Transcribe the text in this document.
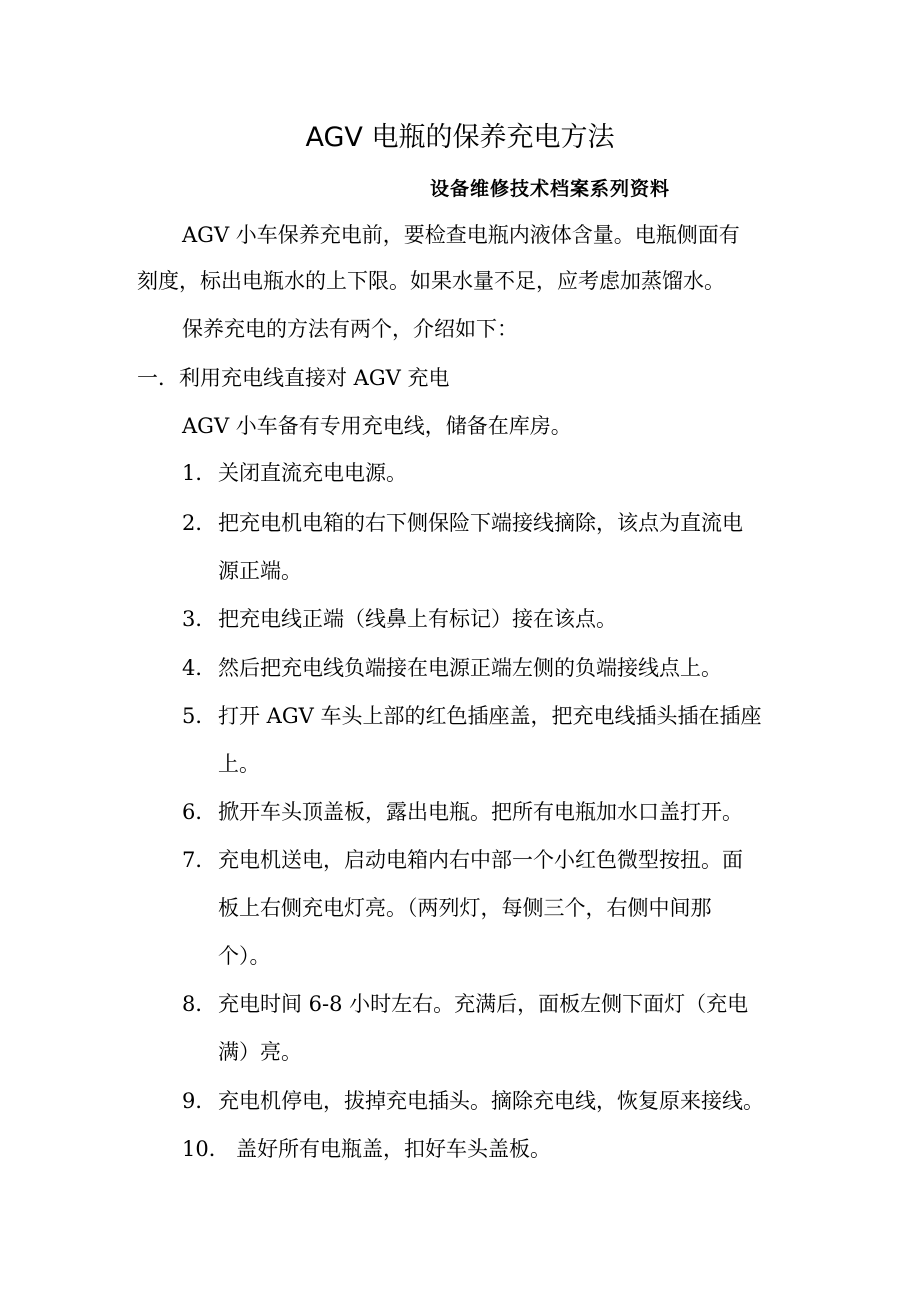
AGV 电瓶的保养充电方法
设备维修技术档案系列资料
AGV 小车保养充电前，要检查电瓶内液体含量。电瓶侧面有
刻度，标出电瓶水的上下限。如果水量不足，应考虑加蒸馏水。
保养充电的方法有两个，介绍如下：
一．利用充电线直接对 AGV 充电
AGV 小车备有专用充电线，储备在库房。
1．关闭直流充电电源。
2．把充电机电箱的右下侧保险下端接线摘除，该点为直流电
源正端。
3．把充电线正端（线鼻上有标记）接在该点。
4．然后把充电线负端接在电源正端左侧的负端接线点上。
5．打开 AGV 车头上部的红色插座盖，把充电线插头插在插座
上。
6．掀开车头顶盖板，露出电瓶。把所有电瓶加水口盖打开。
7．充电机送电，启动电箱内右中部一个小红色微型按扭。面
板上右侧充电灯亮。（两列灯，每侧三个，右侧中间那
个）。
8．充电时间 6-8 小时左右。充满后，面板左侧下面灯（充电
满）亮。
9．充电机停电，拔掉充电插头。摘除充电线，恢复原来接线。
10． 盖好所有电瓶盖，扣好车头盖板。
